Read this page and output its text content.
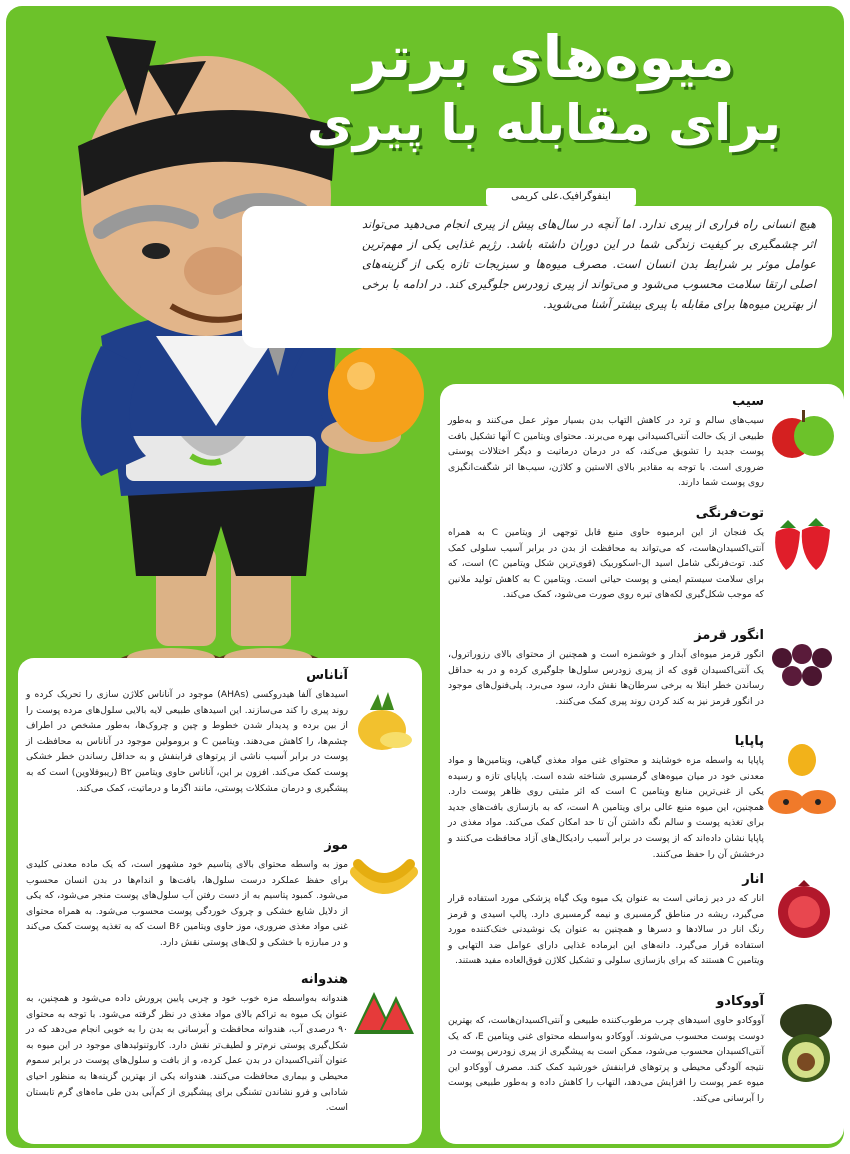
میوه‌های برتر
برای مقابله با پیری
اینفوگرافیک.علی کریمی
هیچ انسانی راه فراری از پیری ندارد. اما آنچه در سال‌های پیش از پیری انجام می‌دهید می‌تواند اثر چشمگیری بر کیفیت زندگی شما در این دوران داشته باشد. رژیم غذایی یکی از مهم‌ترین عوامل موثر بر شرایط بدن انسان است. مصرف میوه‌ها و سبزیجات تازه یکی از گزینه‌های اصلی ارتقا سلامت محسوب می‌شود و می‌تواند از پیری زودرس جلوگیری کند. در ادامه با برخی از بهترین میوه‌ها برای مقابله با پیری بیشتر آشنا می‌شوید.

سیب

سیب‌های سالم و ترد در کاهش التهاب بدن بسیار موثر عمل می‌کنند و به‌طور طبیعی از یک حالت آنتی‌اکسیدانی بهره می‌برند. محتوای ویتامین C آنها تشکیل بافت پوست جدید را تشویق می‌کند، که در درمان درماتیت و دیگر اختلالات پوستی ضروری است. با توجه به مقادیر بالای الاستین و کلاژن، سیب‌ها اثر شگفت‌انگیزی روی پوست شما دارند.

توت‌فرنگی

یک فنجان از این ابرمیوه حاوی منبع قابل توجهی از ویتامین C به همراه آنتی‌اکسیدان‌هاست، که می‌تواند به محافظت از بدن در برابر آسیب سلولی کمک کند. توت‌فرنگی شامل اسید ال-اسکوربیک (قوی‌ترین شکل ویتامین C) است، که برای سلامت سیستم ایمنی و پوست حیاتی است. ویتامین C به کاهش تولید ملانین که موجب شکل‌گیری لکه‌های تیره روی صورت می‌شود، کمک می‌کند.

انگور قرمز

انگور قرمز میوه‌ای آبدار و خوشمزه است و همچنین از محتوای بالای رزوراترول، یک آنتی‌اکسیدان قوی که از پیری زودرس سلول‌ها جلوگیری کرده و در به حداقل رساندن خطر ابتلا به برخی سرطان‌ها نقش دارد، سود می‌برد. پلی‌فنول‌های موجود در انگور قرمز نیز به کند کردن روند پیری کمک می‌کنند.

پاپایا

پاپایا به واسطه مزه خوشایند و محتوای غنی مواد مغذی گیاهی، ویتامین‌ها و مواد معدنی خود در میان میوه‌های گرمسیری شناخته شده است. پاپایای تازه و رسیده یکی از غنی‌ترین منابع ویتامین C است که اثر مثبتی روی ظاهر پوست دارد. همچنین، این میوه منبع عالی برای ویتامین A است، که به بازسازی بافت‌های جدید برای تغذیه پوست و سالم نگه داشتن آن تا حد امکان کمک می‌کند. مواد مغذی در پاپایا نشان داده‌اند که از پوست در برابر آسیب رادیکال‌های آزاد محافظت می‌کنند و درخشش آن را حفظ می‌کنند.

انار

انار که در دیر زمانی است به عنوان یک میوه ویک گیاه پزشکی مورد استفاده قرار می‌گیرد، ریشه در مناطق گرمسیری و نیمه گرمسیری دارد. پالپ اسیدی و قرمز رنگ انار در سالاد‌ها و دسرها و همچنین به عنوان یک نوشیدنی خنک‌کننده مورد استفاده قرار می‌گیرد. دانه‌های این ابرماده غذایی دارای عوامل ضد التهابی و ویتامین C هستند که برای بازسازی سلولی و تشکیل کلاژن فوق‌العاده مفید هستند.

آووکادو

آووکادو حاوی اسیدهای چرب مرطوب‌کننده طبیعی و آنتی‌اکسیدان‌هاست، که بهترین دوست پوست محسوب می‌شوند. آووکادو به‌واسطه محتوای غنی ویتامین E، که یک آنتی‌اکسیدان محسوب می‌شود، ممکن است به پیشگیری از پیری زودرس پوست در نتیجه آلودگی محیطی و پرتوهای فرابنفش خورشید کمک کند. مصرف آووکادو این میوه عمر پوست را افزایش می‌دهد، التهاب را کاهش داده و به‌طور طبیعی پوست را آبرسانی می‌کند.

آناناس

اسیدهای آلفا هیدروکسی (AHAs) موجود در آناناس کلاژن سازی را تحریک کرده و روند پیری را کند می‌سازند. این اسیدهای طبیعی لایه بالایی سلول‌های مرده پوست را از بین برده و پدیدار شدن خطوط و چین و چروک‌ها، به‌طور مشخص در اطراف چشم‌ها، را کاهش می‌دهند. ویتامین C و برومولین موجود در آناناس به محافظت از پوست در برابر آسیب ناشی از پرتوهای فرابنفش و به حداقل رساندن خطر خشکی پوست کمک می‌کند. افزون بر این، آناناس حاوی ویتامین B۲ (ریبوفلاوین) است که به پیشگیری و درمان مشکلات پوستی، مانند اگزما و درماتیت، کمک می‌کند.

موز

موز به واسطه محتوای بالای پتاسیم خود مشهور است، که یک ماده معدنی کلیدی برای حفظ عملکرد درست سلول‌ها، بافت‌ها و اندام‌ها در بدن انسان محسوب می‌شود. کمبود پتاسیم به از دست رفتن آب سلول‌های پوست منجر می‌شود، که یکی از دلایل شایع خشکی و چروک خوردگی پوست محسوب می‌شود. به همراه محتوای غنی مواد مغذی ضروری، موز حاوی ویتامین B۶ است که به تغذیه پوست کمک می‌کند و در مبارزه با خشکی و لک‌های پوستی نقش دارد.

هندوانه

هندوانه به‌واسطه مزه خوب خود و چربی پایین پرورش داده می‌شود و همچنین، به عنوان یک میوه به تراکم بالای مواد مغذی در نظر گرفته می‌شود. با توجه به محتوای ۹۰ درصدی آب، هندوانه محافظت و آبرسانی به بدن را به خوبی انجام می‌دهد که در شکل‌گیری پوستی نرم‌تر و لطیف‌تر نقش دارد. کاروتنوئید‌های موجود در این میوه به عنوان آنتی‌اکسیدان در بدن عمل کرده، و از بافت و سلول‌های پوست در برابر سموم محیطی و بیماری محافظت می‌کنند. هندوانه یکی از بهترین گزینه‌ها به منظور احیای شادابی و فرو نشاندن تشنگی برای پیشگیری از کم‌آبی بدن طی ماه‌های گرم تابستان است.
